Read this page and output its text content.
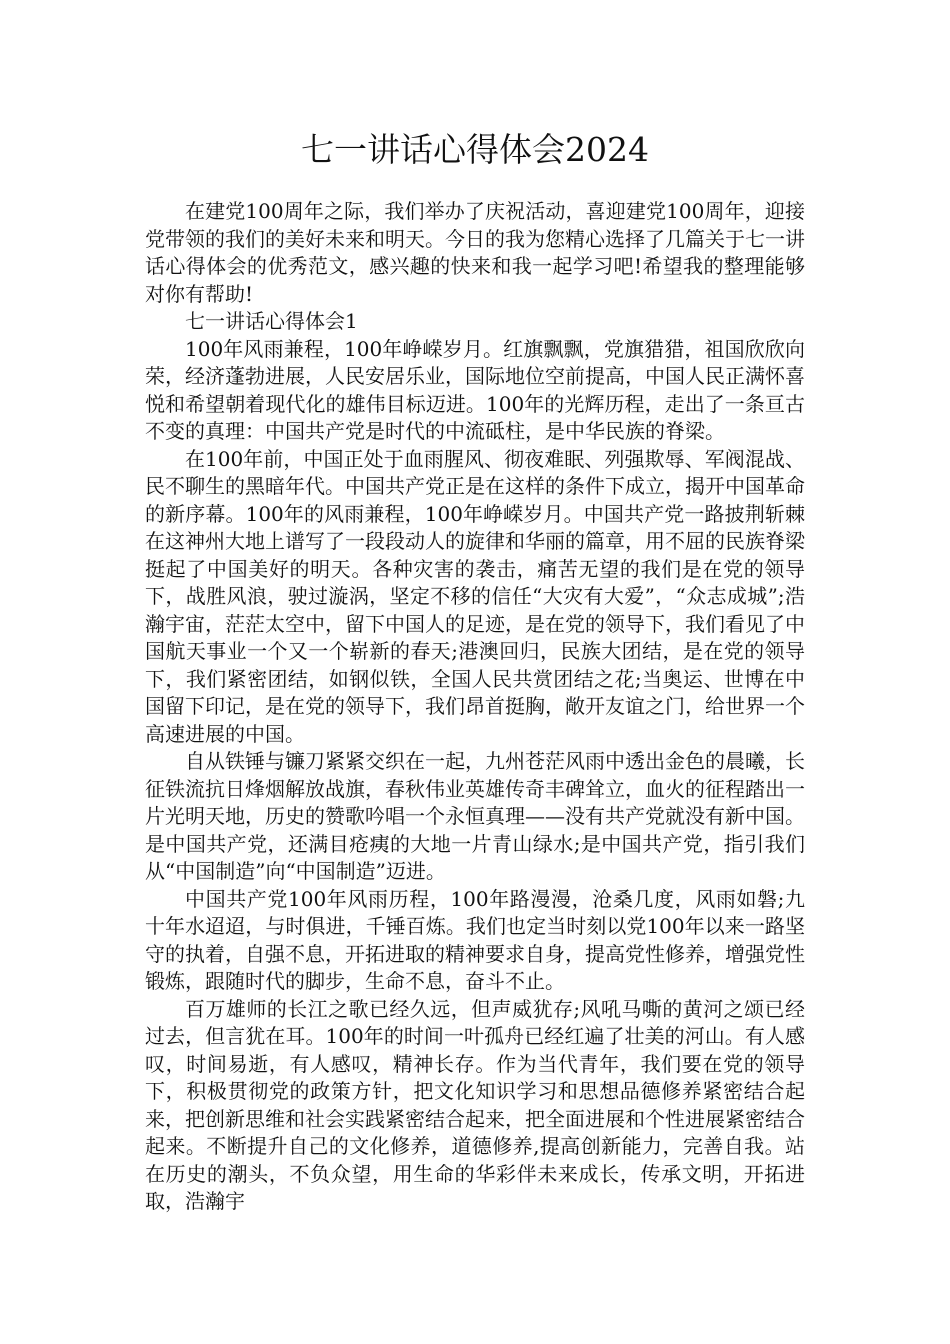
七一讲话心得体会2024

在建党100周年之际，我们举办了庆祝活动，喜迎建党100周年，迎接党带领的我们的美好未来和明天。今日的我为您精心选择了几篇关于七一讲话心得体会的优秀范文，感兴趣的快来和我一起学习吧!希望我的整理能够对你有帮助!

七一讲话心得体会1

100年风雨兼程，100年峥嵘岁月。红旗飘飘，党旗猎猎，祖国欣欣向荣，经济蓬勃进展，人民安居乐业，国际地位空前提高，中国人民正满怀喜悦和希望朝着现代化的雄伟目标迈进。100年的光辉历程，走出了一条亘古不变的真理：中国共产党是时代的中流砥柱，是中华民族的脊梁。

在100年前，中国正处于血雨腥风、彻夜难眠、列强欺辱、军阀混战、民不聊生的黑暗年代。中国共产党正是在这样的条件下成立，揭开中国革命的新序幕。100年的风雨兼程，100年峥嵘岁月。中国共产党一路披荆斩棘在这神州大地上谱写了一段段动人的旋律和华丽的篇章，用不屈的民族脊梁挺起了中国美好的明天。各种灾害的袭击，痛苦无望的我们是在党的领导下，战胜风浪，驶过漩涡，坚定不移的信任“大灾有大爱”，“众志成城”;浩瀚宇宙，茫茫太空中，留下中国人的足迹，是在党的领导下，我们看见了中国航天事业一个又一个崭新的春天;港澳回归，民族大团结，是在党的领导下，我们紧密团结，如钢似铁，全国人民共赏团结之花;当奥运、世博在中国留下印记，是在党的领导下，我们昂首挺胸，敞开友谊之门，给世界一个高速进展的中国。

自从铁锤与镰刀紧紧交织在一起，九州苍茫风雨中透出金色的晨曦，长征铁流抗日烽烟解放战旗，春秋伟业英雄传奇丰碑耸立，血火的征程踏出一片光明天地，历史的赞歌吟唱一个永恒真理——没有共产党就没有新中国。是中国共产党，还满目疮痍的大地一片青山绿水;是中国共产党，指引我们从“中国制造”向“中国制造”迈进。

中国共产党100年风雨历程，100年路漫漫，沧桑几度，风雨如磐;九十年水迢迢，与时俱进，千锤百炼。我们也定当时刻以党100年以来一路坚守的执着，自强不息，开拓进取的精神要求自身，提高党性修养，增强党性锻炼，跟随时代的脚步，生命不息，奋斗不止。

百万雄师的长江之歌已经久远，但声威犹存;风吼马嘶的黄河之颂已经过去，但言犹在耳。100年的时间一叶孤舟已经红遍了壮美的河山。有人感叹，时间易逝，有人感叹，精神长存。作为当代青年，我们要在党的领导下，积极贯彻党的政策方针，把文化知识学习和思想品德修养紧密结合起来，把创新思维和社会实践紧密结合起来，把全面进展和个性进展紧密结合起来。不断提升自己的文化修养，道德修养,提高创新能力，完善自我。站在历史的潮头，不负众望，用生命的华彩伴未来成长，传承文明，开拓进取，浩瀚宇
